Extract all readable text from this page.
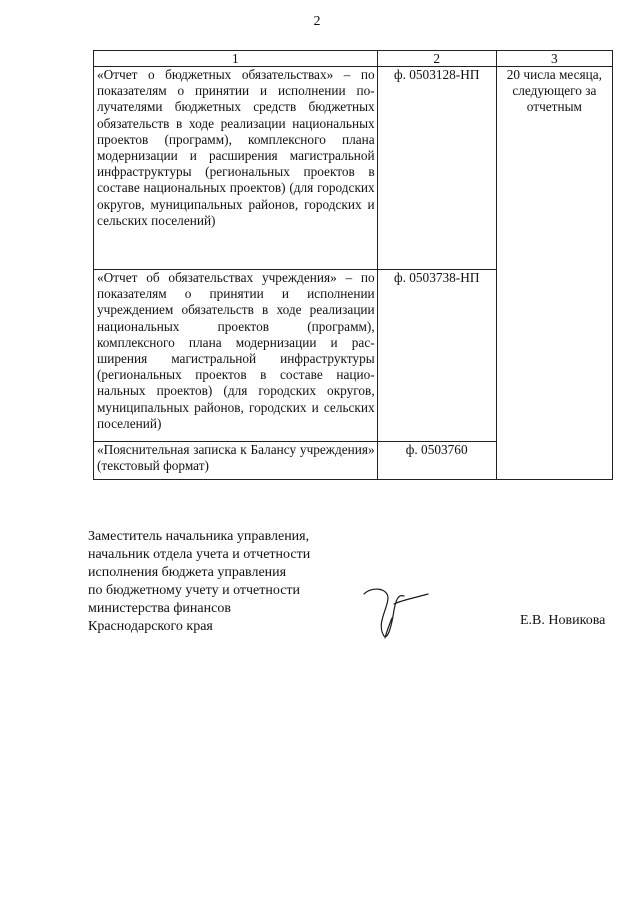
2
1	2	3
«Отчет о бюджетных обязательствах» – по показателям о принятии и исполнении получателями бюджетных средств бюджетных обязательств в ходе реализации национальных проектов (программ), комплексного плана модернизации и расширения магистральной инфраструктуры (региональных проектов в составе национальных проектов) (для городских округов, муниципальных районов, городских и сельских поселений)	ф. 0503128-НП	20 числа месяца, следующего за отчетным
«Отчет об обязательствах учреждения» – по показателям о принятии и исполнении учреждением обязательств в ходе реализации национальных проектов (программ), комплексного плана модернизации и расширения магистральной инфраструктуры (региональных проектов в составе национальных проектов) (для городских округов, муниципальных районов, городских и сельских поселений)	ф. 0503738-НП	
«Пояснительная записка к Балансу учреждения» (текстовый формат)	ф. 0503760	
Заместитель начальника управления,
начальник отдела учета и отчетности
исполнения бюджета управления
по бюджетному учету и отчетности
министерства финансов
Краснодарского края	Е.В. Новикова
